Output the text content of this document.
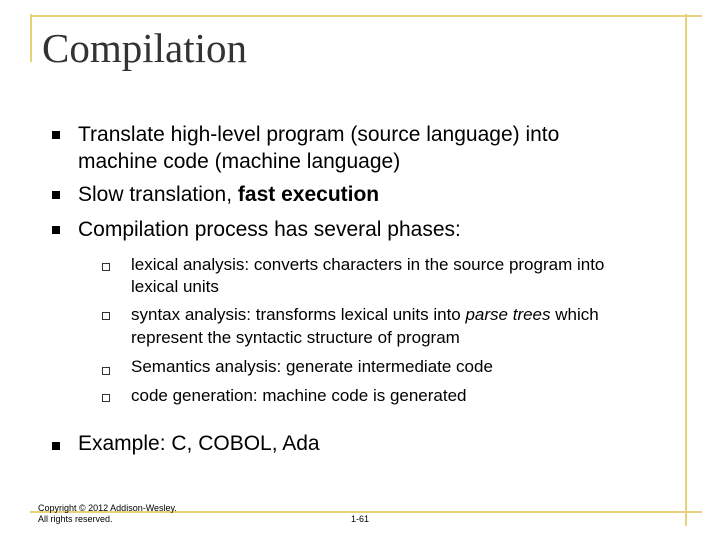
Compilation
Translate high-level program (source language) into
machine code (machine language)
Slow translation, fast execution
Compilation process has several phases:
lexical analysis: converts characters in the source program into
lexical units
syntax analysis: transforms lexical units into parse trees which
represent the syntactic structure of program
Semantics analysis: generate intermediate code
code generation: machine code is generated
Example: C, COBOL, Ada
Copyright © 2012 Addison-Wesley.
All rights reserved.	1-61
